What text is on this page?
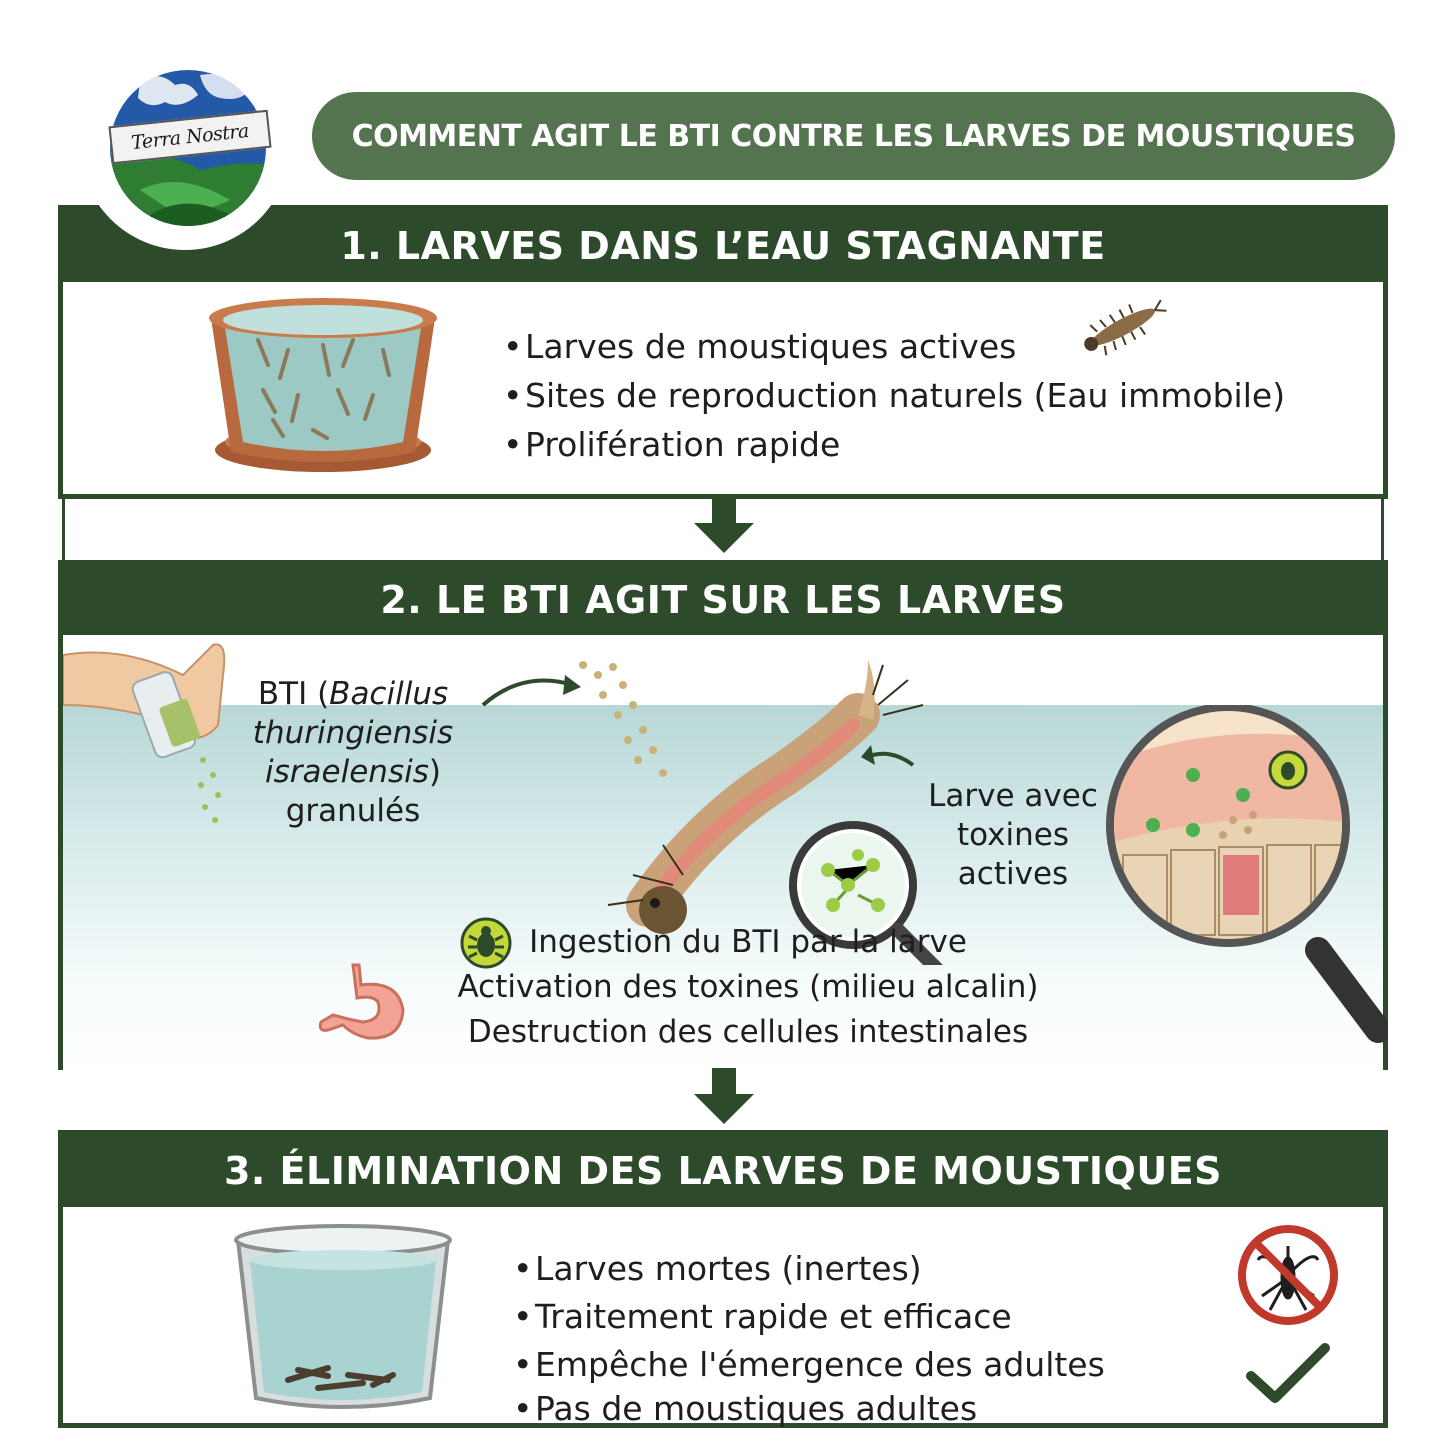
Terra Nostra	COMMENT AGIT LE BTI CONTRE LES LARVES DE MOUSTIQUES
1. LARVES DANS L’EAU STAGNANTE
• Larves de moustiques actives
• Sites de reproduction naturels (Eau immobile)
• Prolifération rapide
2. LE BTI AGIT SUR LES LARVES
BTI (Bacillus
thuringiensis
israelensis)
granulés	Larve avec
toxines
actives
Ingestion du BTI par la larve
Activation des toxines (milieu alcalin)
Destruction des cellules intestinales
3. ÉLIMINATION DES LARVES DE MOUSTIQUES
• Larves mortes (inertes)
• Traitement rapide et efficace
• Empêche l'émergence des adultes
• Pas de moustiques adultes
